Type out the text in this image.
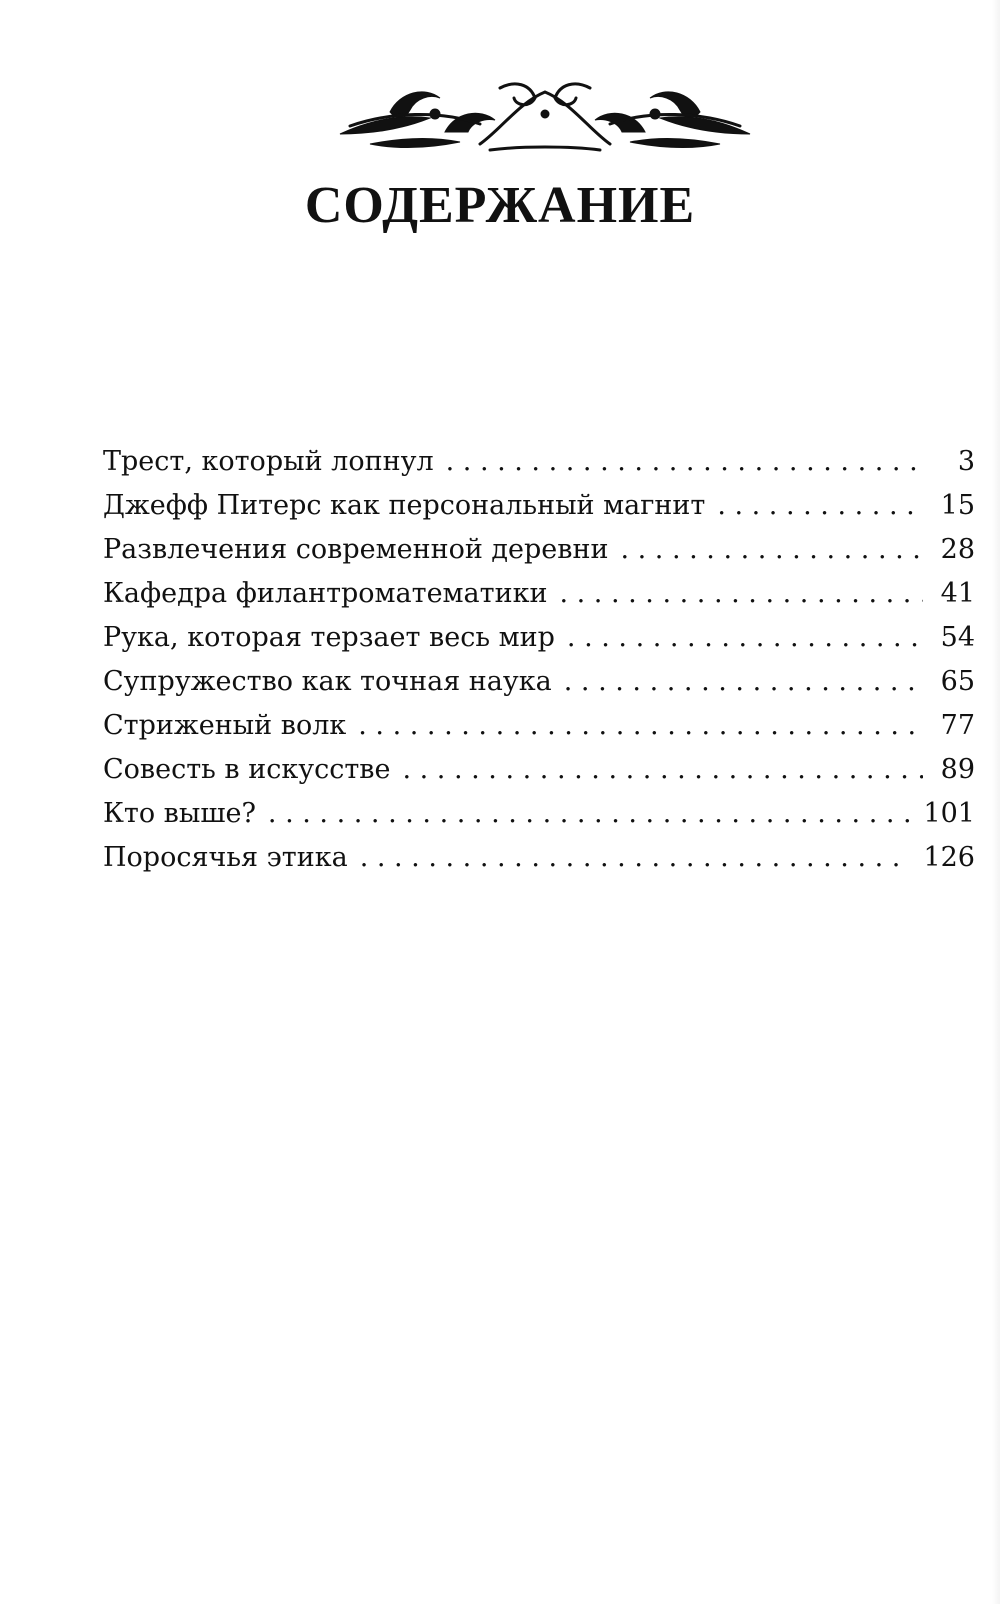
СОДЕРЖАНИЕ
Трест, который лопнул . . .	3
Джефф Питерс как персональный магнит . . .	15
Развлечения современной деревни . . .	28
Кафедра филантроматематики . . .	41
Рука, которая терзает весь мир . . .	54
Супружество как точная наука . . .	65
Стриженый волк . . .	77
Совесть в искусстве . . .	89
Кто выше? . . .	101
Поросячья этика . . .	126
